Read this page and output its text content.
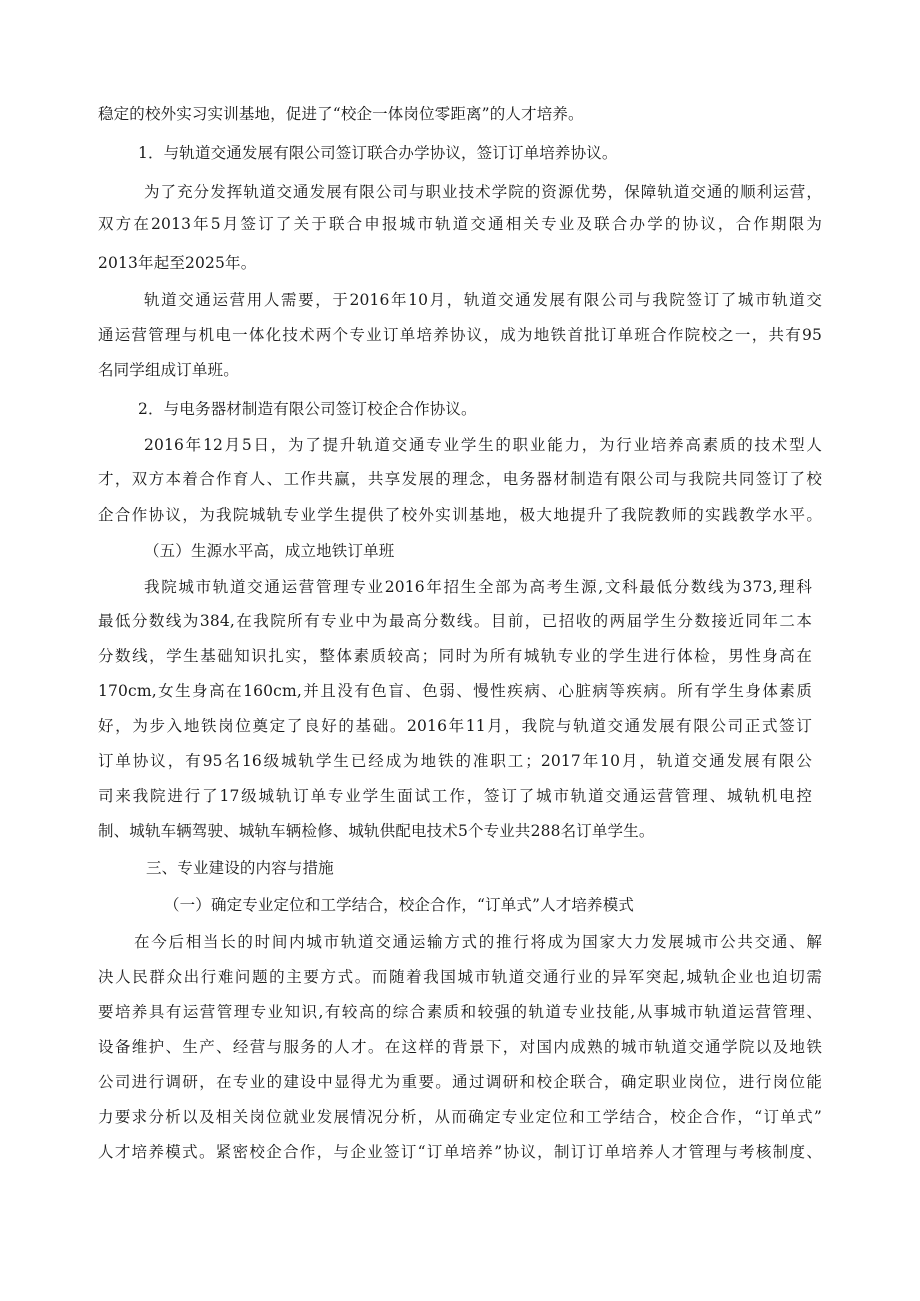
稳定的校外实习实训基地，促进了“校企一体岗位零距离”的人才培养。
1．与轨道交通发展有限公司签订联合办学协议，签订订单培养协议。
为了充分发挥轨道交通发展有限公司与职业技术学院的资源优势，保障轨道交通的顺利运营，
双方在2013年5月签订了关于联合申报城市轨道交通相关专业及联合办学的协议，合作期限为
2013年起至2025年。
轨道交通运营用人需要，于2016年10月，轨道交通发展有限公司与我院签订了城市轨道交
通运营管理与机电一体化技术两个专业订单培养协议，成为地铁首批订单班合作院校之一，共有95
名同学组成订单班。
2．与电务器材制造有限公司签订校企合作协议。
2016年12月5日，为了提升轨道交通专业学生的职业能力，为行业培养高素质的技术型人
才，双方本着合作育人、工作共赢，共享发展的理念，电务器材制造有限公司与我院共同签订了校
企合作协议，为我院城轨专业学生提供了校外实训基地，极大地提升了我院教师的实践教学水平。
（五）生源水平高，成立地铁订单班
我院城市轨道交通运营管理专业2016年招生全部为高考生源,文科最低分数线为373,理科
最低分数线为384,在我院所有专业中为最高分数线。目前，已招收的两届学生分数接近同年二本
分数线，学生基础知识扎实，整体素质较高；同时为所有城轨专业的学生进行体检，男性身高在
170cm,女生身高在160cm,并且没有色盲、色弱、慢性疾病、心脏病等疾病。所有学生身体素质
好，为步入地铁岗位奠定了良好的基础。2016年11月，我院与轨道交通发展有限公司正式签订
订单协议，有95名16级城轨学生已经成为地铁的准职工；2017年10月，轨道交通发展有限公
司来我院进行了17级城轨订单专业学生面试工作，签订了城市轨道交通运营管理、城轨机电控
制、城轨车辆驾驶、城轨车辆检修、城轨供配电技术5个专业共288名订单学生。
三、专业建设的内容与措施
（一）确定专业定位和工学结合，校企合作，“订单式”人才培养模式
在今后相当长的时间内城市轨道交通运输方式的推行将成为国家大力发展城市公共交通、解
决人民群众出行难问题的主要方式。而随着我国城市轨道交通行业的异军突起,城轨企业也迫切需
要培养具有运营管理专业知识,有较高的综合素质和较强的轨道专业技能,从事城市轨道运营管理、
设备维护、生产、经营与服务的人才。在这样的背景下，对国内成熟的城市轨道交通学院以及地铁
公司进行调研，在专业的建设中显得尤为重要。通过调研和校企联合，确定职业岗位，进行岗位能
力要求分析以及相关岗位就业发展情况分析，从而确定专业定位和工学结合，校企合作，“订单式”
人才培养模式。紧密校企合作，与企业签订“订单培养”协议，制订订单培养人才管理与考核制度、
